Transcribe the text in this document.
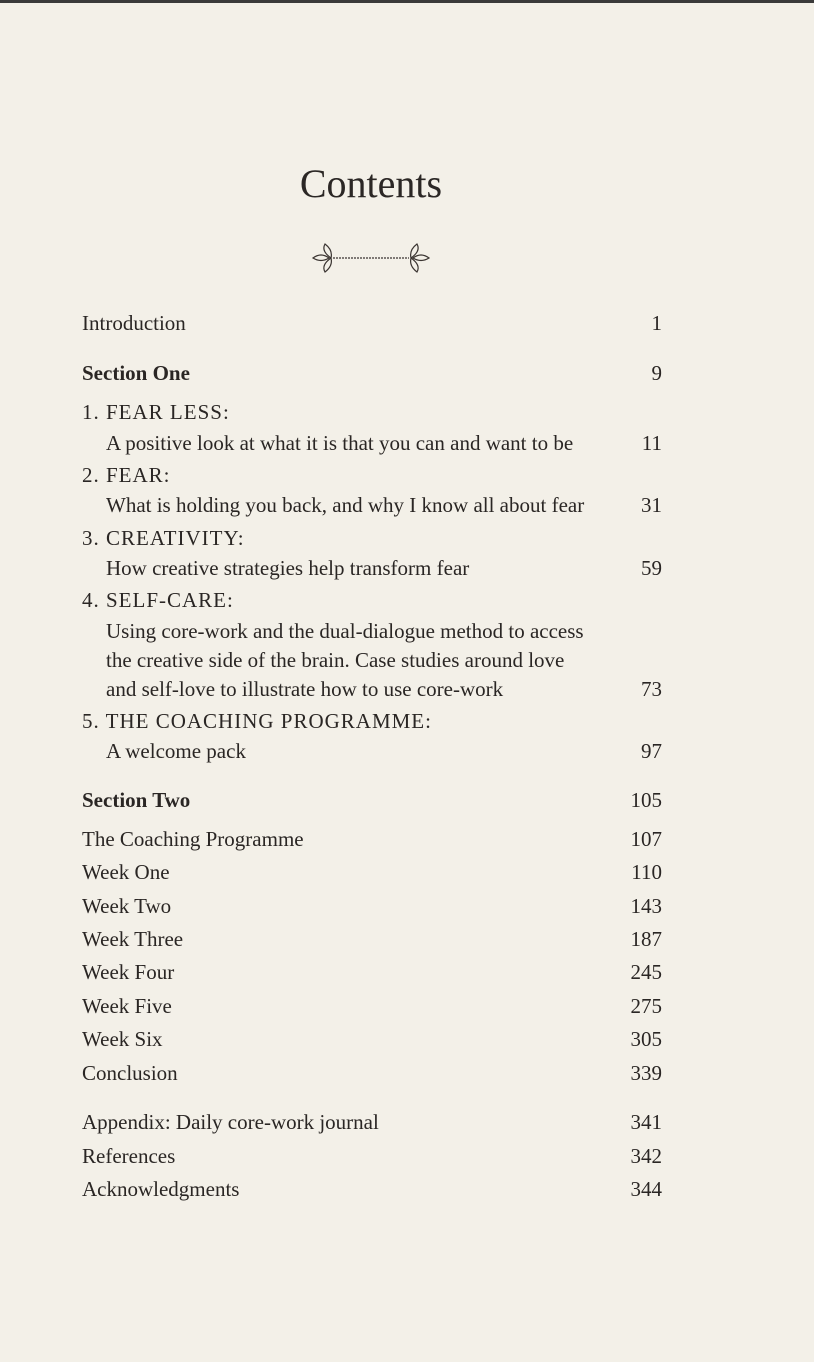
Contents
Introduction	1
Section One	9
1. FEAR LESS:
A positive look at what it is that you can and want to be	11
2. FEAR:
What is holding you back, and why I know all about fear	31
3. CREATIVITY:
How creative strategies help transform fear	59
4. SELF-CARE:
Using core-work and the dual-dialogue method to access
the creative side of the brain. Case studies around love
and self-love to illustrate how to use core-work	73
5. THE COACHING PROGRAMME:
A welcome pack	97
Section Two	105
The Coaching Programme	107
Week One	110
Week Two	143
Week Three	187
Week Four	245
Week Five	275
Week Six	305
Conclusion	339
Appendix: Daily core-work journal	341
References	342
Acknowledgments	344
